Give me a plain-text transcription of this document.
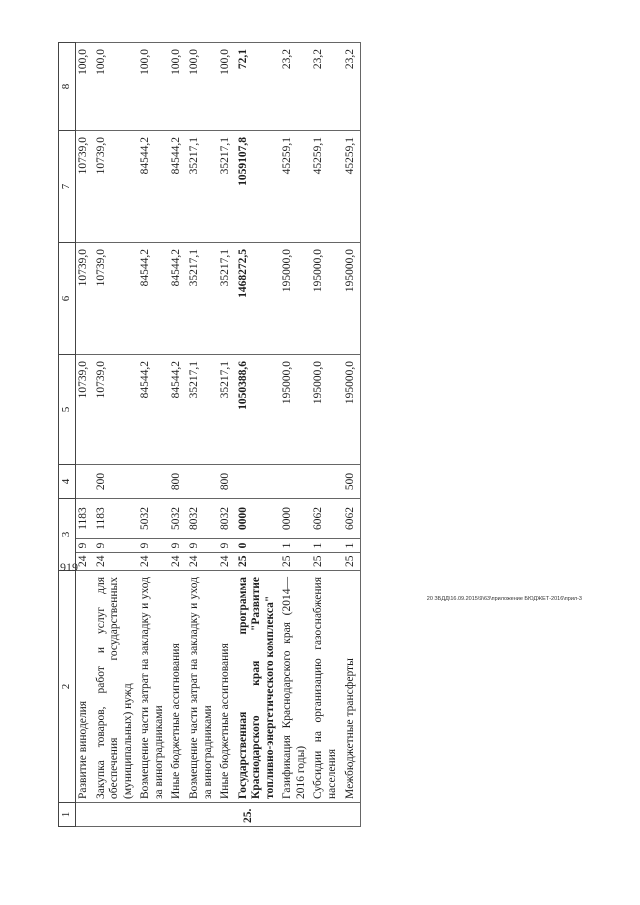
1	2	3			4	5	6	7	8
	Развитие виноделия	24	9	1183		10739,0	10739,0	10739,0	100,0
	Закупка товаров, работ и услуг для обеспечения государственных (муниципальных) нужд	24	9	1183	200	10739,0	10739,0	10739,0	100,0
	Возмещение части затрат на закладку и уход за виноградниками	24	9	5032		84544,2	84544,2	84544,2	100,0
	Иные бюджетные ассигнования	24	9	5032	800	84544,2	84544,2	84544,2	100,0
	Возмещение части затрат на закладку и уход за виноградниками	24	9	8032		35217,1	35217,1	35217,1	100,0
	Иные бюджетные ассигнования	24	9	8032	800	35217,1	35217,1	35217,1	100,0
25.	Государственная программа Краснодарского края "Развитие топливно-энергетического комплекса"	25	0	0000		1050388,6	1468272,5	1059107,8	72,1
	Газификация Краснодарского края (2014—2016 годы)	25	1	0000		195000,0	195000,0	45259,1	23,2
	Субсидии на организацию газоснабжения населения	25	1	6062		195000,0	195000,0	45259,1	23,2
	Межбюджетные трансферты	25	1	6062	500	195000,0	195000,0	45259,1	23,2
919
20 ЗБДД\16.09.2015\9\63\приложение БЮДЖЕТ-2016\прил-3
